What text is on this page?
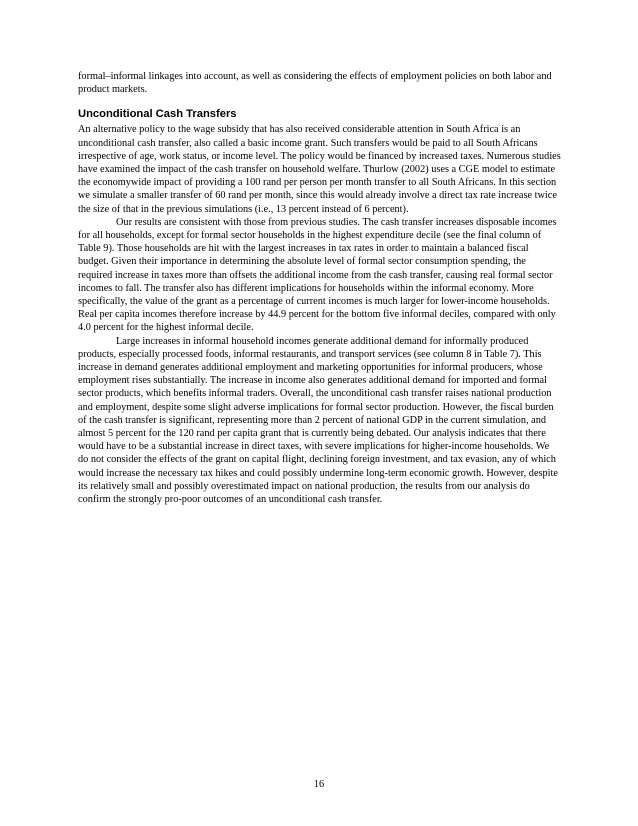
formal–informal linkages into account, as well as considering the effects of employment policies on both labor and product markets.

Unconditional Cash Transfers

An alternative policy to the wage subsidy that has also received considerable attention in South Africa is an unconditional cash transfer, also called a basic income grant. Such transfers would be paid to all South Africans irrespective of age, work status, or income level. The policy would be financed by increased taxes. Numerous studies have examined the impact of the cash transfer on household welfare. Thurlow (2002) uses a CGE model to estimate the economywide impact of providing a 100 rand per person per month transfer to all South Africans. In this section we simulate a smaller transfer of 60 rand per month, since this would already involve a direct tax rate increase twice the size of that in the previous simulations (i.e., 13 percent instead of 6 percent).

Our results are consistent with those from previous studies. The cash transfer increases disposable incomes for all households, except for formal sector households in the highest expenditure decile (see the final column of Table 9). Those households are hit with the largest increases in tax rates in order to maintain a balanced fiscal budget. Given their importance in determining the absolute level of formal sector consumption spending, the required increase in taxes more than offsets the additional income from the cash transfer, causing real formal sector incomes to fall. The transfer also has different implications for households within the informal economy. More specifically, the value of the grant as a percentage of current incomes is much larger for lower-income households. Real per capita incomes therefore increase by 44.9 percent for the bottom five informal deciles, compared with only 4.0 percent for the highest informal decile.

Large increases in informal household incomes generate additional demand for informally produced products, especially processed foods, informal restaurants, and transport services (see column 8 in Table 7). This increase in demand generates additional employment and marketing opportunities for informal producers, whose employment rises substantially. The increase in income also generates additional demand for imported and formal sector products, which benefits informal traders. Overall, the unconditional cash transfer raises national production and employment, despite some slight adverse implications for formal sector production. However, the fiscal burden of the cash transfer is significant, representing more than 2 percent of national GDP in the current simulation, and almost 5 percent for the 120 rand per capita grant that is currently being debated. Our analysis indicates that there would have to be a substantial increase in direct taxes, with severe implications for higher-income households. We do not consider the effects of the grant on capital flight, declining foreign investment, and tax evasion, any of which would increase the necessary tax hikes and could possibly undermine long-term economic growth. However, despite its relatively small and possibly overestimated impact on national production, the results from our analysis do confirm the strongly pro-poor outcomes of an unconditional cash transfer.

16
